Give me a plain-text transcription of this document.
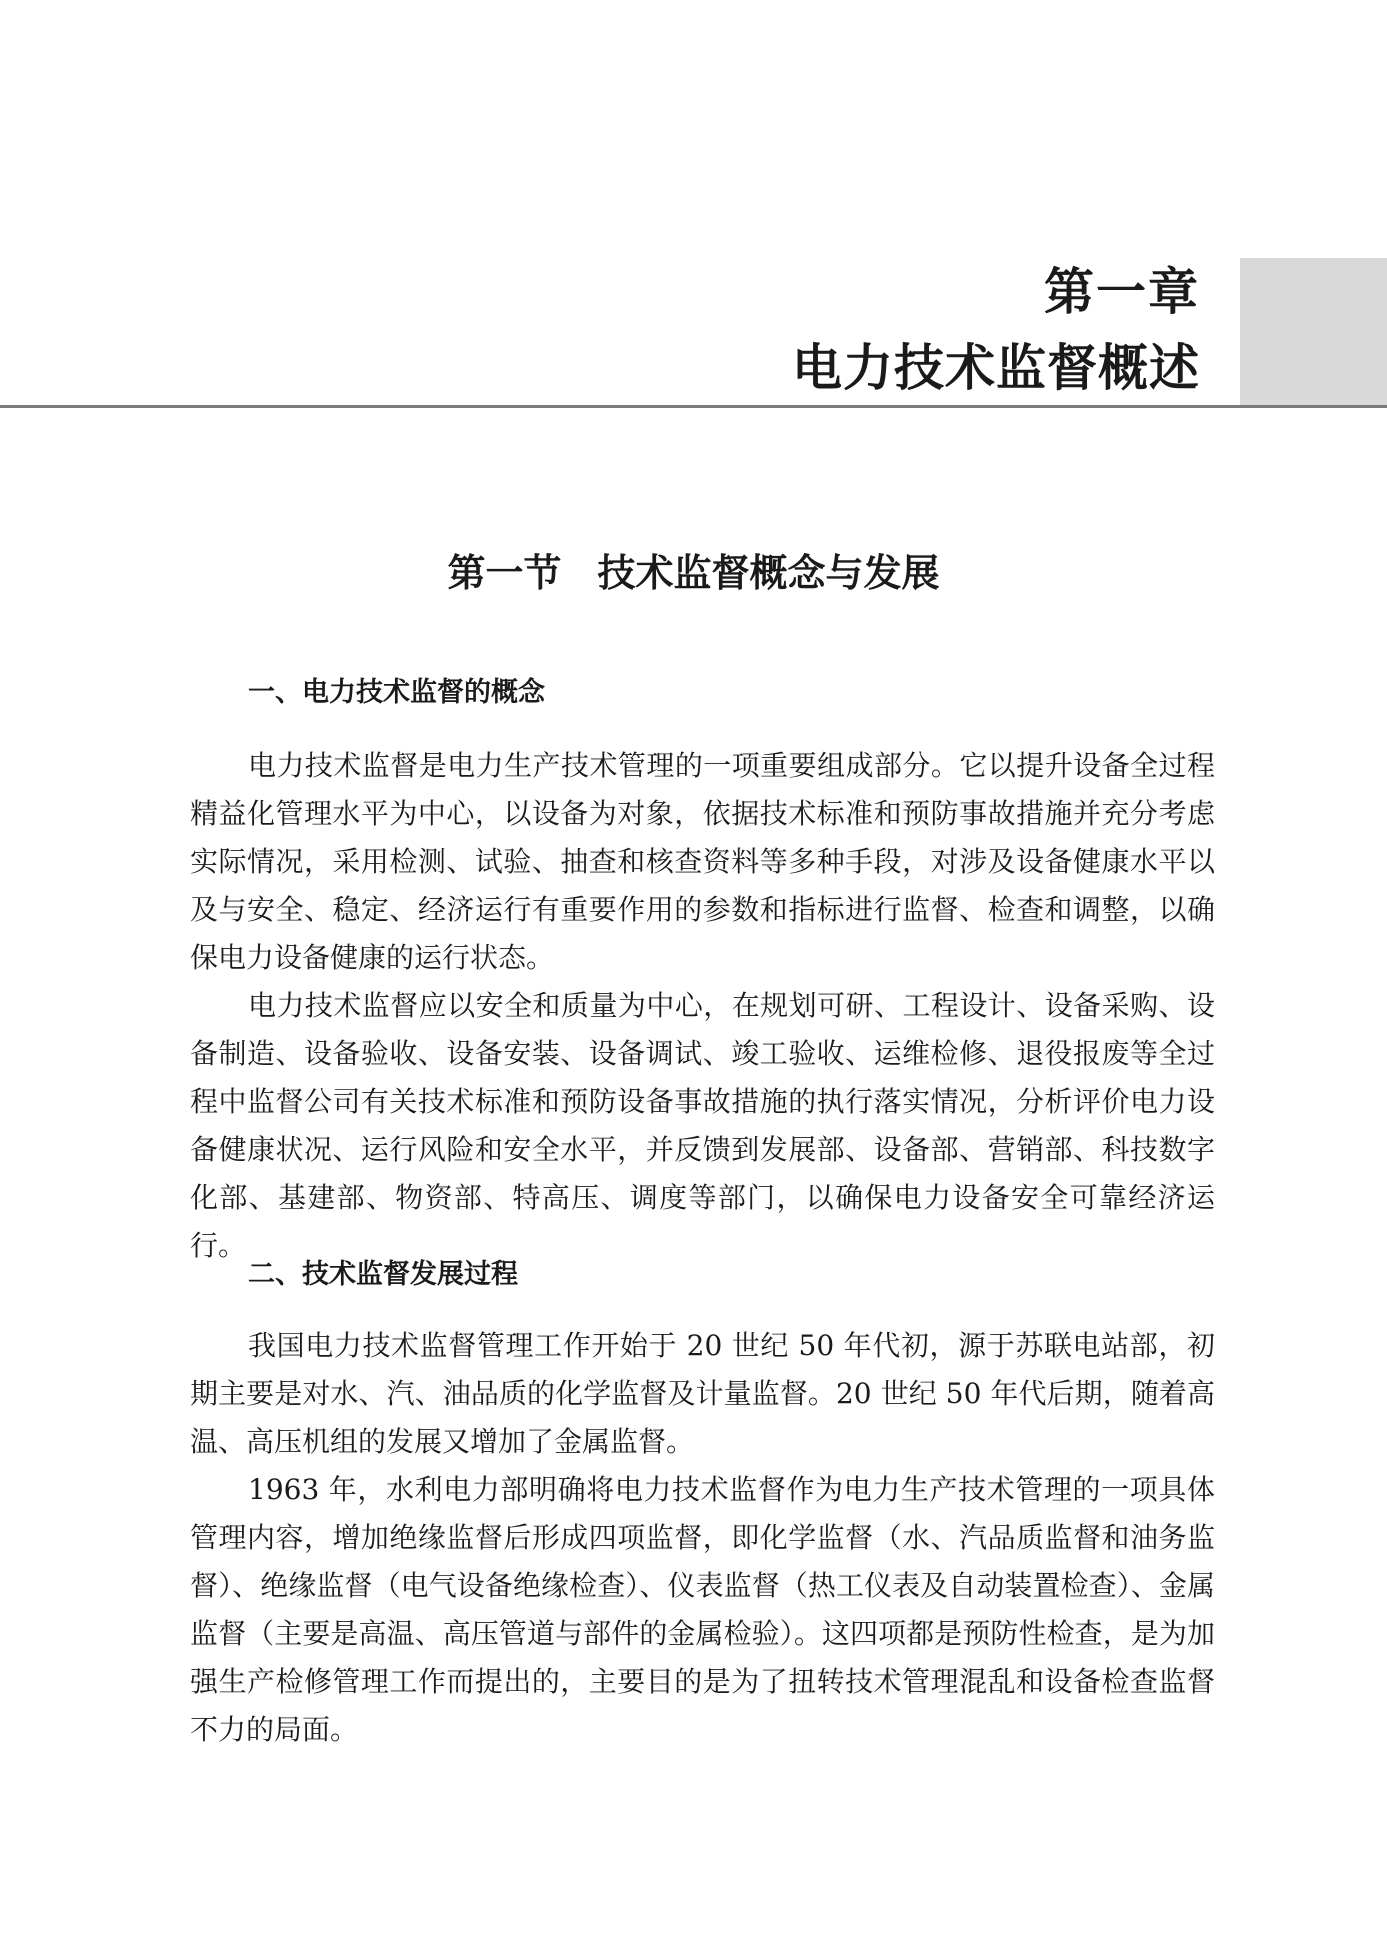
第一章
电力技术监督概述
第一节 技术监督概念与发展
一、电力技术监督的概念

电力技术监督是电力生产技术管理的一项重要组成部分。它以提升设备全过程精益化管理水平为中心，以设备为对象，依据技术标准和预防事故措施并充分考虑实际情况，采用检测、试验、抽查和核查资料等多种手段，对涉及设备健康水平以及与安全、稳定、经济运行有重要作用的参数和指标进行监督、检查和调整，以确保电力设备健康的运行状态。

电力技术监督应以安全和质量为中心，在规划可研、工程设计、设备采购、设备制造、设备验收、设备安装、设备调试、竣工验收、运维检修、退役报废等全过程中监督公司有关技术标准和预防设备事故措施的执行落实情况，分析评价电力设备健康状况、运行风险和安全水平，并反馈到发展部、设备部、营销部、科技数字化部、基建部、物资部、特高压、调度等部门，以确保电力设备安全可靠经济运行。

二、技术监督发展过程

我国电力技术监督管理工作开始于 20 世纪 50 年代初，源于苏联电站部，初期主要是对水、汽、油品质的化学监督及计量监督。20 世纪 50 年代后期，随着高温、高压机组的发展又增加了金属监督。

1963 年，水利电力部明确将电力技术监督作为电力生产技术管理的一项具体管理内容，增加绝缘监督后形成四项监督，即化学监督（水、汽品质监督和油务监督）、绝缘监督（电气设备绝缘检查）、仪表监督（热工仪表及自动装置检查）、金属监督（主要是高温、高压管道与部件的金属检验）。这四项都是预防性检查，是为加强生产检修管理工作而提出的，主要目的是为了扭转技术管理混乱和设备检查监督不力的局面。
